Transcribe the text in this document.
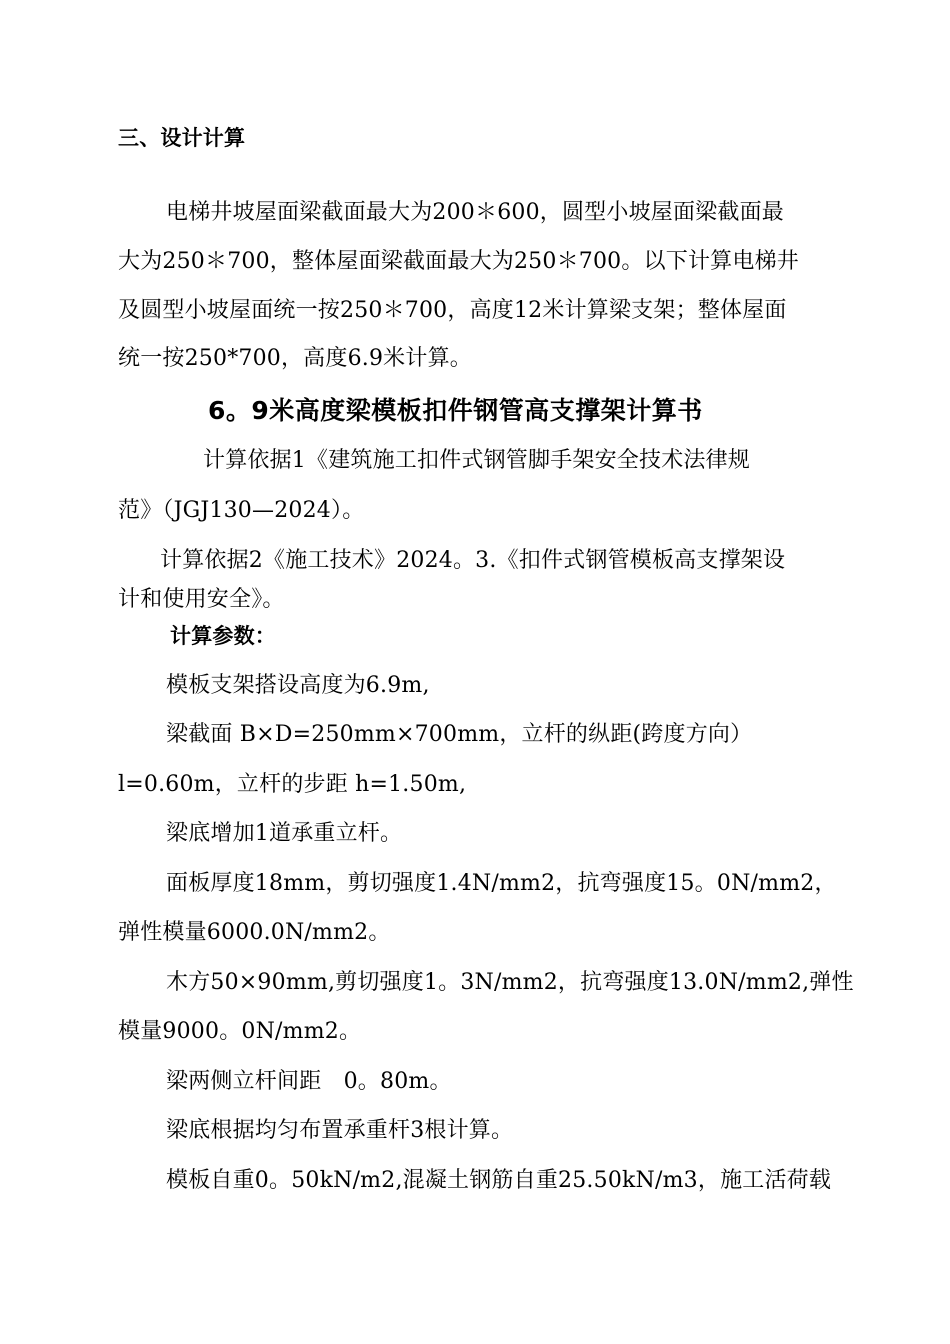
三、设计计算
电梯井坡屋面梁截面最大为200＊600，圆型小坡屋面梁截面最
大为250＊700，整体屋面梁截面最大为250＊700。以下计算电梯井
及圆型小坡屋面统一按250＊700，高度12米计算梁支架；整体屋面
统一按250*700，高度6.9米计算。
6。9米高度梁模板扣件钢管高支撑架计算书
计算依据1《建筑施工扣件式钢管脚手架安全技术法律规
范》（JGJ130—2024）。
计算依据2《施工技术》2024。3.《扣件式钢管模板高支撑架设
计和使用安全》。
计算参数：
模板支架搭设高度为6.9m,
梁截面 B×D=250mm×700mm，立杆的纵距(跨度方向）
l=0.60m，立杆的步距 h=1.50m,
梁底增加1道承重立杆。
面板厚度18mm，剪切强度1.4N/mm2，抗弯强度15。0N/mm2，
弹性模量6000.0N/mm2。
木方50×90mm,剪切强度1。3N/mm2，抗弯强度13.0N/mm2,弹性
模量9000。0N/mm2。
梁两侧立杆间距　0。80m。
梁底根据均匀布置承重杆3根计算。
模板自重0。50kN/m2,混凝土钢筋自重25.50kN/m3，施工活荷载
